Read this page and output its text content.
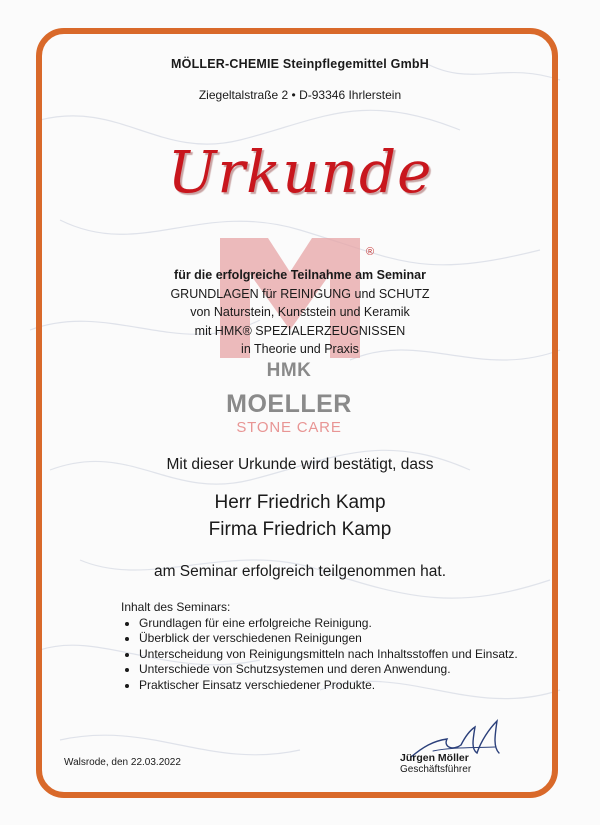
MÖLLER-CHEMIE Steinpflegemittel GmbH
Ziegeltalstraße 2 • D-93346 Ihrlerstein
Urkunde
®
HMK
MOELLER
STONE CARE
für die erfolgreiche Teilnahme am Seminar
GRUNDLAGEN für REINIGUNG und SCHUTZ
von Naturstein, Kunststein und Keramik
mit HMK® SPEZIALERZEUGNISSEN
in Theorie und Praxis
Mit dieser Urkunde wird bestätigt, dass
Herr Friedrich Kamp
Firma Friedrich Kamp
am Seminar erfolgreich teilgenommen hat.
Inhalt des Seminars:
• Grundlagen für eine erfolgreiche Reinigung.
• Überblick der verschiedenen Reinigungen
• Unterscheidung von Reinigungsmitteln nach Inhaltsstoffen und Einsatz.
• Unterschiede von Schutzsystemen und deren Anwendung.
• Praktischer Einsatz verschiedener Produkte.
Walsrode, den 22.03.2022	Jürgen Möller
Geschäftsführer
